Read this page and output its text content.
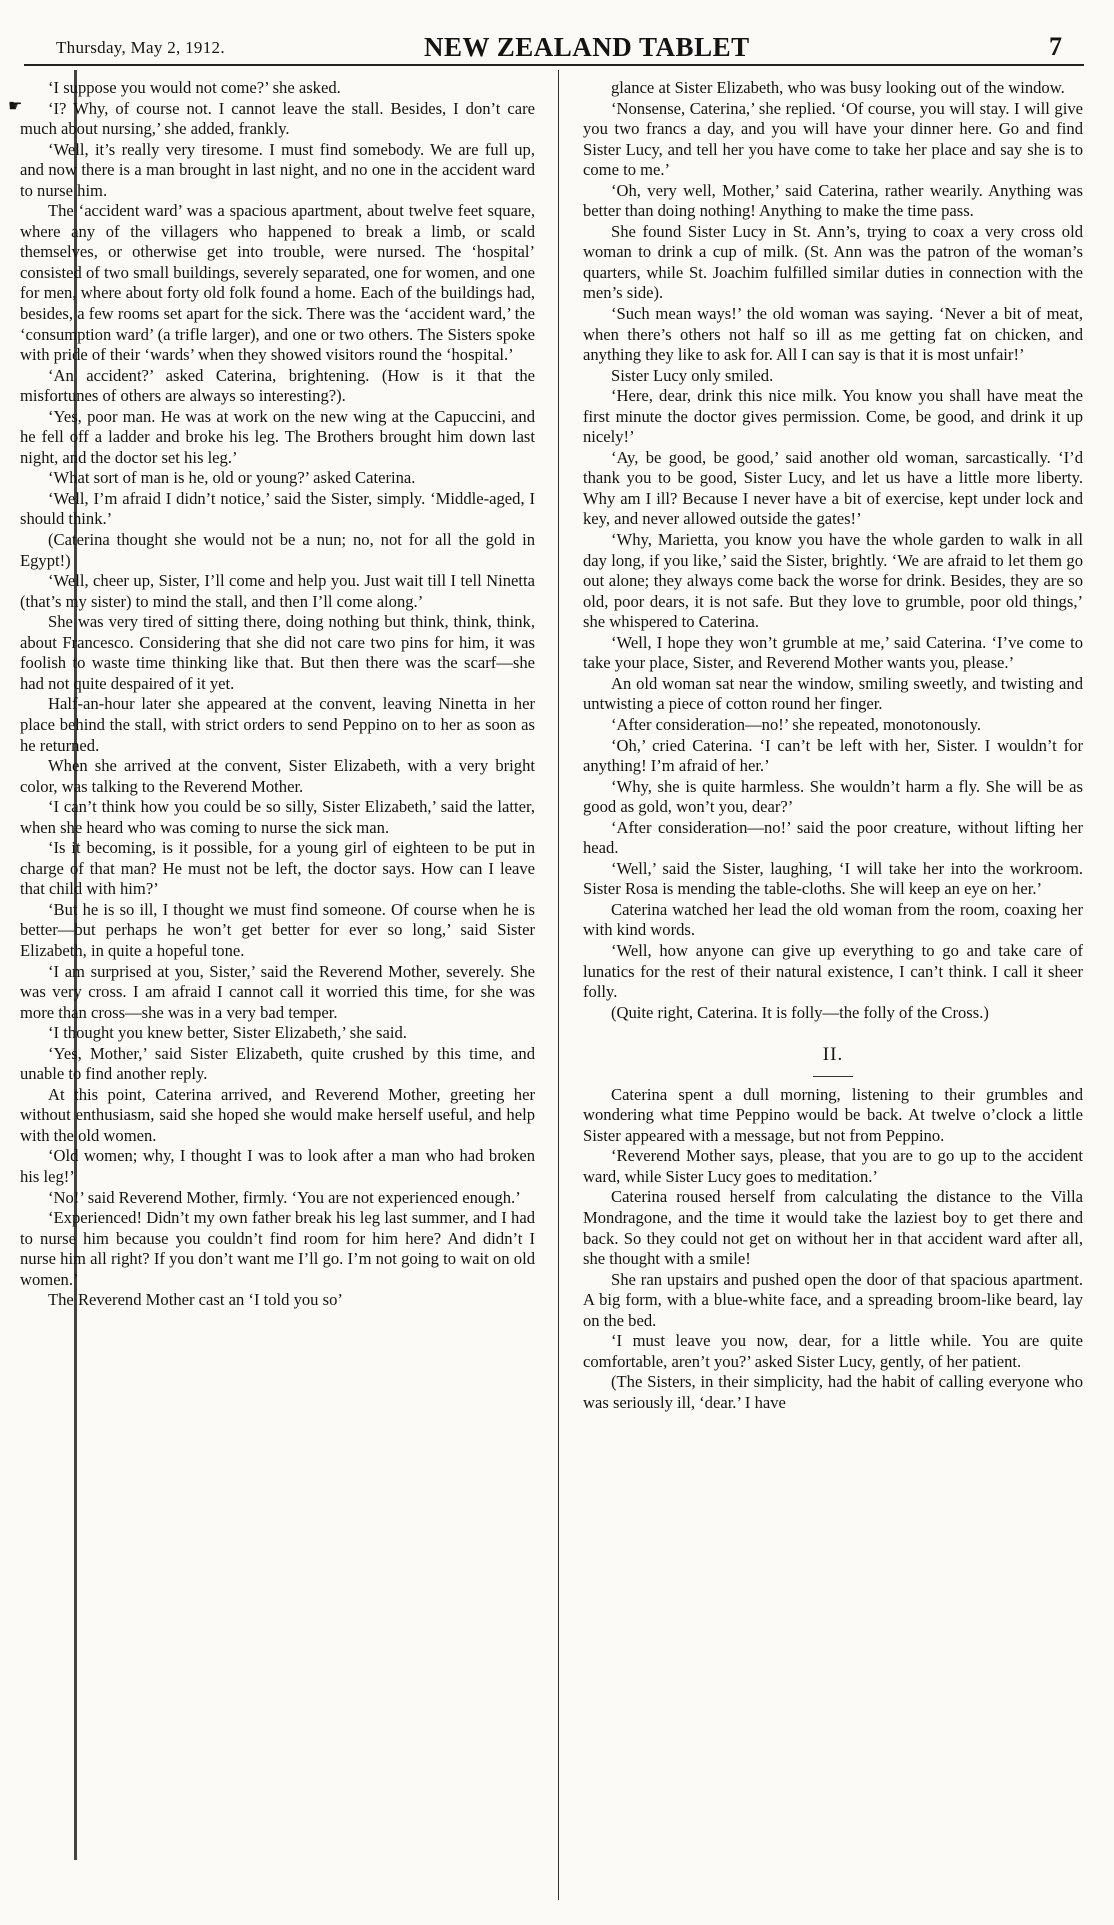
Thursday, May 2, 1912.	NEW ZEALAND TABLET	7
☛

‘I suppose you would not come?’ she asked.

‘I? Why, of course not. I cannot leave the stall. Besides, I don’t care much about nursing,’ she added, frankly.

‘Well, it’s really very tiresome. I must find somebody. We are full up, and now there is a man brought in last night, and no one in the accident ward to nurse him.

The ‘accident ward’ was a spacious apartment, about twelve feet square, where any of the villagers who happened to break a limb, or scald themselves, or otherwise get into trouble, were nursed. The ‘hospital’ consisted of two small buildings, severely separated, one for women, and one for men, where about forty old folk found a home. Each of the buildings had, besides, a few rooms set apart for the sick. There was the ‘accident ward,’ the ‘consumption ward’ (a trifle larger), and one or two others. The Sisters spoke with pride of their ‘wards’ when they showed visitors round the ‘hospital.’

‘An accident?’ asked Caterina, brightening. (How is it that the misfortunes of others are always so interesting?).

‘Yes, poor man. He was at work on the new wing at the Capuccini, and he fell off a ladder and broke his leg. The Brothers brought him down last night, and the doctor set his leg.’

‘What sort of man is he, old or young?’ asked Caterina.

‘Well, I’m afraid I didn’t notice,’ said the Sister, simply. ‘Middle-aged, I should think.’

(Caterina thought she would not be a nun; no, not for all the gold in Egypt!)

‘Well, cheer up, Sister, I’ll come and help you. Just wait till I tell Ninetta (that’s my sister) to mind the stall, and then I’ll come along.’

She was very tired of sitting there, doing nothing but think, think, think, about Francesco. Considering that she did not care two pins for him, it was foolish to waste time thinking like that. But then there was the scarf—she had not quite despaired of it yet.

Half-an-hour later she appeared at the convent, leaving Ninetta in her place behind the stall, with strict orders to send Peppino on to her as soon as he returned.

When she arrived at the convent, Sister Elizabeth, with a very bright color, was talking to the Reverend Mother.

‘I can’t think how you could be so silly, Sister Elizabeth,’ said the latter, when she heard who was coming to nurse the sick man.

‘Is it becoming, is it possible, for a young girl of eighteen to be put in charge of that man? He must not be left, the doctor says. How can I leave that child with him?’

‘But he is so ill, I thought we must find someone. Of course when he is better—but perhaps he won’t get better for ever so long,’ said Sister Elizabeth, in quite a hopeful tone.

‘I am surprised at you, Sister,’ said the Reverend Mother, severely. She was very cross. I am afraid I cannot call it worried this time, for she was more than cross—she was in a very bad temper.

‘I thought you knew better, Sister Elizabeth,’ she said.

‘Yes, Mother,’ said Sister Elizabeth, quite crushed by this time, and unable to find another reply.

At this point, Caterina arrived, and Reverend Mother, greeting her without enthusiasm, said she hoped she would make herself useful, and help with the old women.

‘Old women; why, I thought I was to look after a man who had broken his leg!’

‘No!’ said Reverend Mother, firmly. ‘You are not experienced enough.’

‘Experienced! Didn’t my own father break his leg last summer, and I had to nurse him because you couldn’t find room for him here? And didn’t I nurse him all right? If you don’t want me I’ll go. I’m not going to wait on old women.’

The Reverend Mother cast an ‘I told you so’

glance at Sister Elizabeth, who was busy looking out of the window.

‘Nonsense, Caterina,’ she replied. ‘Of course, you will stay. I will give you two francs a day, and you will have your dinner here. Go and find Sister Lucy, and tell her you have come to take her place and say she is to come to me.’

‘Oh, very well, Mother,’ said Caterina, rather wearily. Anything was better than doing nothing! Anything to make the time pass.

She found Sister Lucy in St. Ann’s, trying to coax a very cross old woman to drink a cup of milk. (St. Ann was the patron of the woman’s quarters, while St. Joachim fulfilled similar duties in connection with the men’s side).

‘Such mean ways!’ the old woman was saying. ‘Never a bit of meat, when there’s others not half so ill as me getting fat on chicken, and anything they like to ask for. All I can say is that it is most unfair!’

Sister Lucy only smiled.

‘Here, dear, drink this nice milk. You know you shall have meat the first minute the doctor gives permission. Come, be good, and drink it up nicely!’

‘Ay, be good, be good,’ said another old woman, sarcastically. ‘I’d thank you to be good, Sister Lucy, and let us have a little more liberty. Why am I ill? Because I never have a bit of exercise, kept under lock and key, and never allowed outside the gates!’

‘Why, Marietta, you know you have the whole garden to walk in all day long, if you like,’ said the Sister, brightly. ‘We are afraid to let them go out alone; they always come back the worse for drink. Besides, they are so old, poor dears, it is not safe. But they love to grumble, poor old things,’ she whispered to Caterina.

‘Well, I hope they won’t grumble at me,’ said Caterina. ‘I’ve come to take your place, Sister, and Reverend Mother wants you, please.’

An old woman sat near the window, smiling sweetly, and twisting and untwisting a piece of cotton round her finger.

‘After consideration—no!’ she repeated, monotonously.

‘Oh,’ cried Caterina. ‘I can’t be left with her, Sister. I wouldn’t for anything! I’m afraid of her.’

‘Why, she is quite harmless. She wouldn’t harm a fly. She will be as good as gold, won’t you, dear?’

‘After consideration—no!’ said the poor creature, without lifting her head.

‘Well,’ said the Sister, laughing, ‘I will take her into the workroom. Sister Rosa is mending the table-cloths. She will keep an eye on her.’

Caterina watched her lead the old woman from the room, coaxing her with kind words.

‘Well, how anyone can give up everything to go and take care of lunatics for the rest of their natural existence, I can’t think. I call it sheer folly.

(Quite right, Caterina. It is folly—the folly of the Cross.)

II.

Caterina spent a dull morning, listening to their grumbles and wondering what time Peppino would be back. At twelve o’clock a little Sister appeared with a message, but not from Peppino.

‘Reverend Mother says, please, that you are to go up to the accident ward, while Sister Lucy goes to meditation.’

Caterina roused herself from calculating the distance to the Villa Mondragone, and the time it would take the laziest boy to get there and back. So they could not get on without her in that accident ward after all, she thought with a smile!

She ran upstairs and pushed open the door of that spacious apartment. A big form, with a blue-white face, and a spreading broom-like beard, lay on the bed.

‘I must leave you now, dear, for a little while. You are quite comfortable, aren’t you?’ asked Sister Lucy, gently, of her patient.

(The Sisters, in their simplicity, had the habit of calling everyone who was seriously ill, ‘dear.’ I have
